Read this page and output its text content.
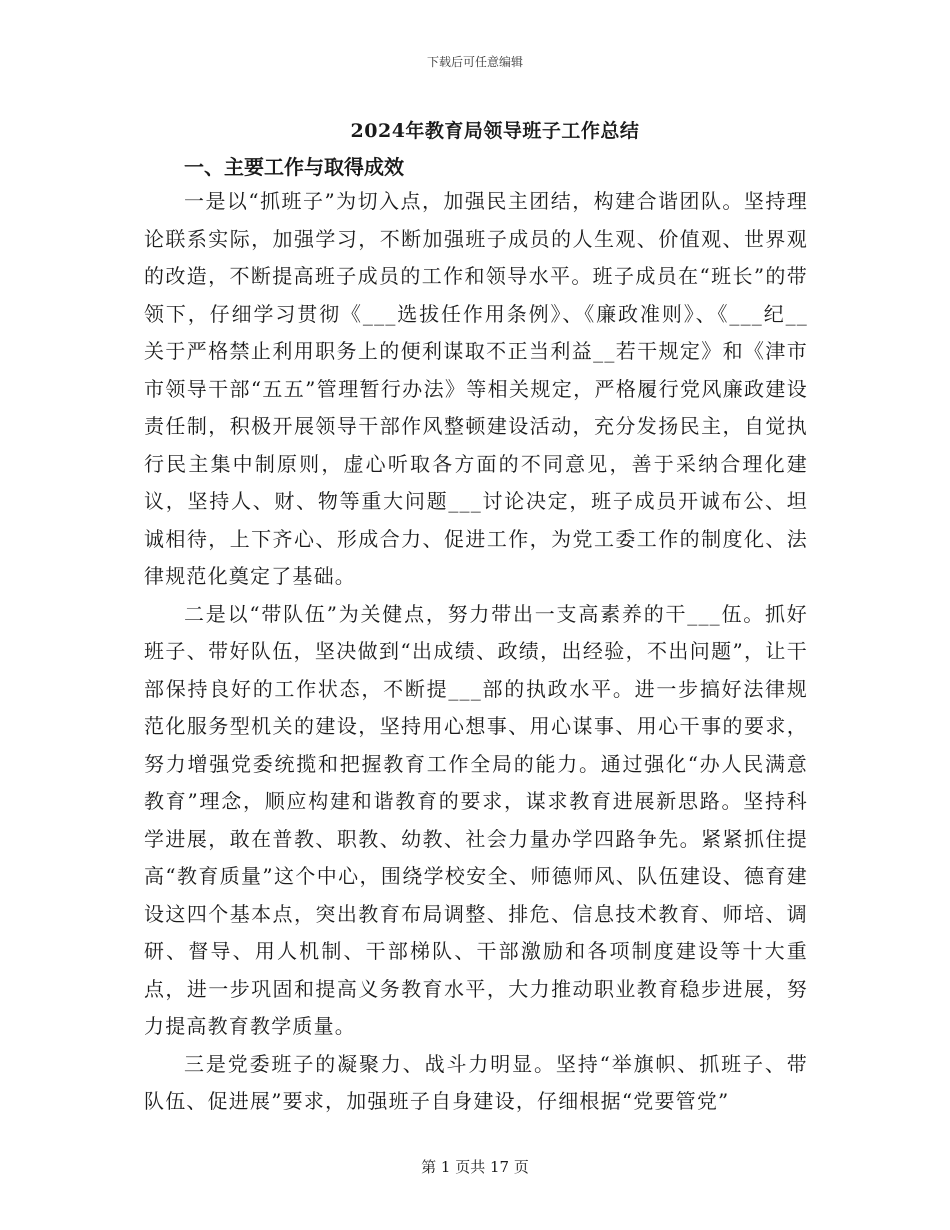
下载后可任意编辑
2024年教育局领导班子工作总结

一、主要工作与取得成效

一是以“抓班子”为切入点，加强民主团结，构建合谐团队。坚持理论联系实际，加强学习，不断加强班子成员的人生观、价值观、世界观的改造，不断提高班子成员的工作和领导水平。班子成员在“班长”的带领下，仔细学习贯彻《___选拔任作用条例》、《廉政准则》、《___纪__关于严格禁止利用职务上的便利谋取不正当利益__若干规定》和《津市市领导干部“五五”管理暂行办法》等相关规定，严格履行党风廉政建设责任制，积极开展领导干部作风整顿建设活动，充分发扬民主，自觉执行民主集中制原则，虚心听取各方面的不同意见，善于采纳合理化建议，坚持人、财、物等重大问题___讨论决定，班子成员开诚布公、坦诚相待，上下齐心、形成合力、促进工作，为党工委工作的制度化、法律规范化奠定了基础。

二是以“带队伍”为关健点，努力带出一支高素养的干___伍。抓好班子、带好队伍，坚决做到“出成绩、政绩，出经验，不出问题”，让干部保持良好的工作状态，不断提___部的执政水平。进一步搞好法律规范化服务型机关的建设，坚持用心想事、用心谋事、用心干事的要求，努力增强党委统揽和把握教育工作全局的能力。通过强化“办人民满意教育”理念，顺应构建和谐教育的要求，谋求教育进展新思路。坚持科学进展，敢在普教、职教、幼教、社会力量办学四路争先。紧紧抓住提高“教育质量”这个中心，围绕学校安全、师德师风、队伍建设、德育建设这四个基本点，突出教育布局调整、排危、信息技术教育、师培、调研、督导、用人机制、干部梯队、干部激励和各项制度建设等十大重点，进一步巩固和提高义务教育水平，大力推动职业教育稳步进展，努力提高教育教学质量。

三是党委班子的凝聚力、战斗力明显。坚持“举旗帜、抓班子、带队伍、促进展”要求，加强班子自身建设，仔细根据“党要管党”

第 1 页共 17 页
